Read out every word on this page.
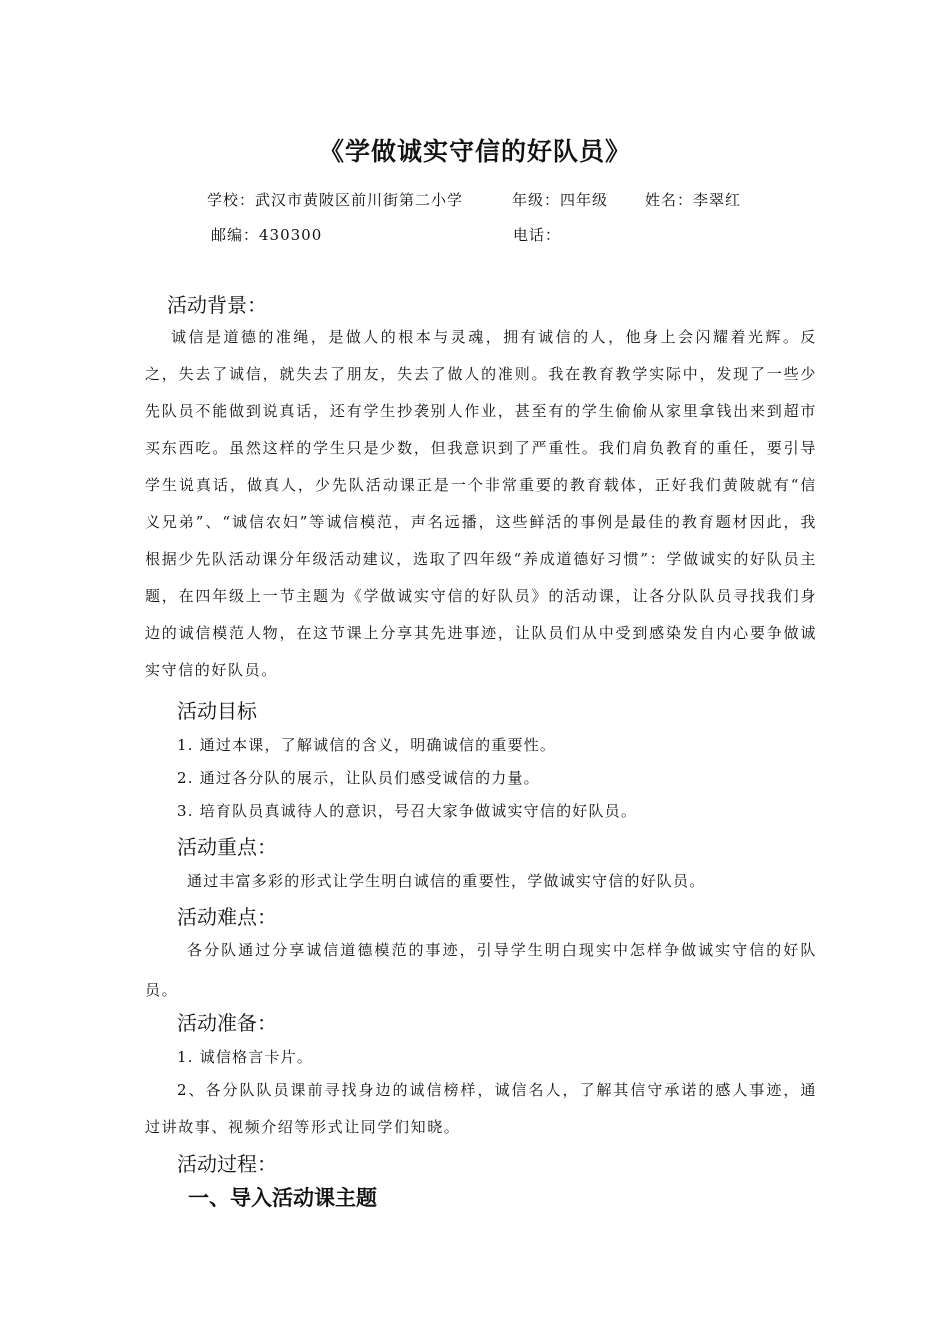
《学做诚实守信的好队员》
学校：武汉市黄陂区前川街第二小学	年级：四年级 姓名：李翠红
邮编：430300	电话：
活动背景：
诚信是道德的准绳，是做人的根本与灵魂，拥有诚信的人，他身上会闪耀着光辉。反之，失去了诚信，就失去了朋友，失去了做人的准则。我在教育教学实际中，发现了一些少先队员不能做到说真话，还有学生抄袭别人作业，甚至有的学生偷偷从家里拿钱出来到超市买东西吃。虽然这样的学生只是少数，但我意识到了严重性。我们肩负教育的重任，要引导学生说真话，做真人，少先队活动课正是一个非常重要的教育载体，正好我们黄陂就有“信义兄弟”、“诚信农妇”等诚信模范，声名远播，这些鲜活的事例是最佳的教育题材因此，我根据少先队活动课分年级活动建议，选取了四年级“养成道德好习惯”：学做诚实的好队员主题，在四年级上一节主题为《学做诚实守信的好队员》的活动课，让各分队队员寻找我们身边的诚信模范人物，在这节课上分享其先进事迹，让队员们从中受到感染发自内心要争做诚实守信的好队员。
活动目标
1. 通过本课，了解诚信的含义，明确诚信的重要性。
2. 通过各分队的展示，让队员们感受诚信的力量。
3. 培育队员真诚待人的意识，号召大家争做诚实守信的好队员。
活动重点：
通过丰富多彩的形式让学生明白诚信的重要性，学做诚实守信的好队员。
活动难点：
各分队通过分享诚信道德模范的事迹，引导学生明白现实中怎样争做诚实守信的好队员。
活动准备：
1. 诚信格言卡片。
2、各分队队员课前寻找身边的诚信榜样，诚信名人，了解其信守承诺的感人事迹，通过讲故事、视频介绍等形式让同学们知晓。
活动过程：
一、导入活动课主题
